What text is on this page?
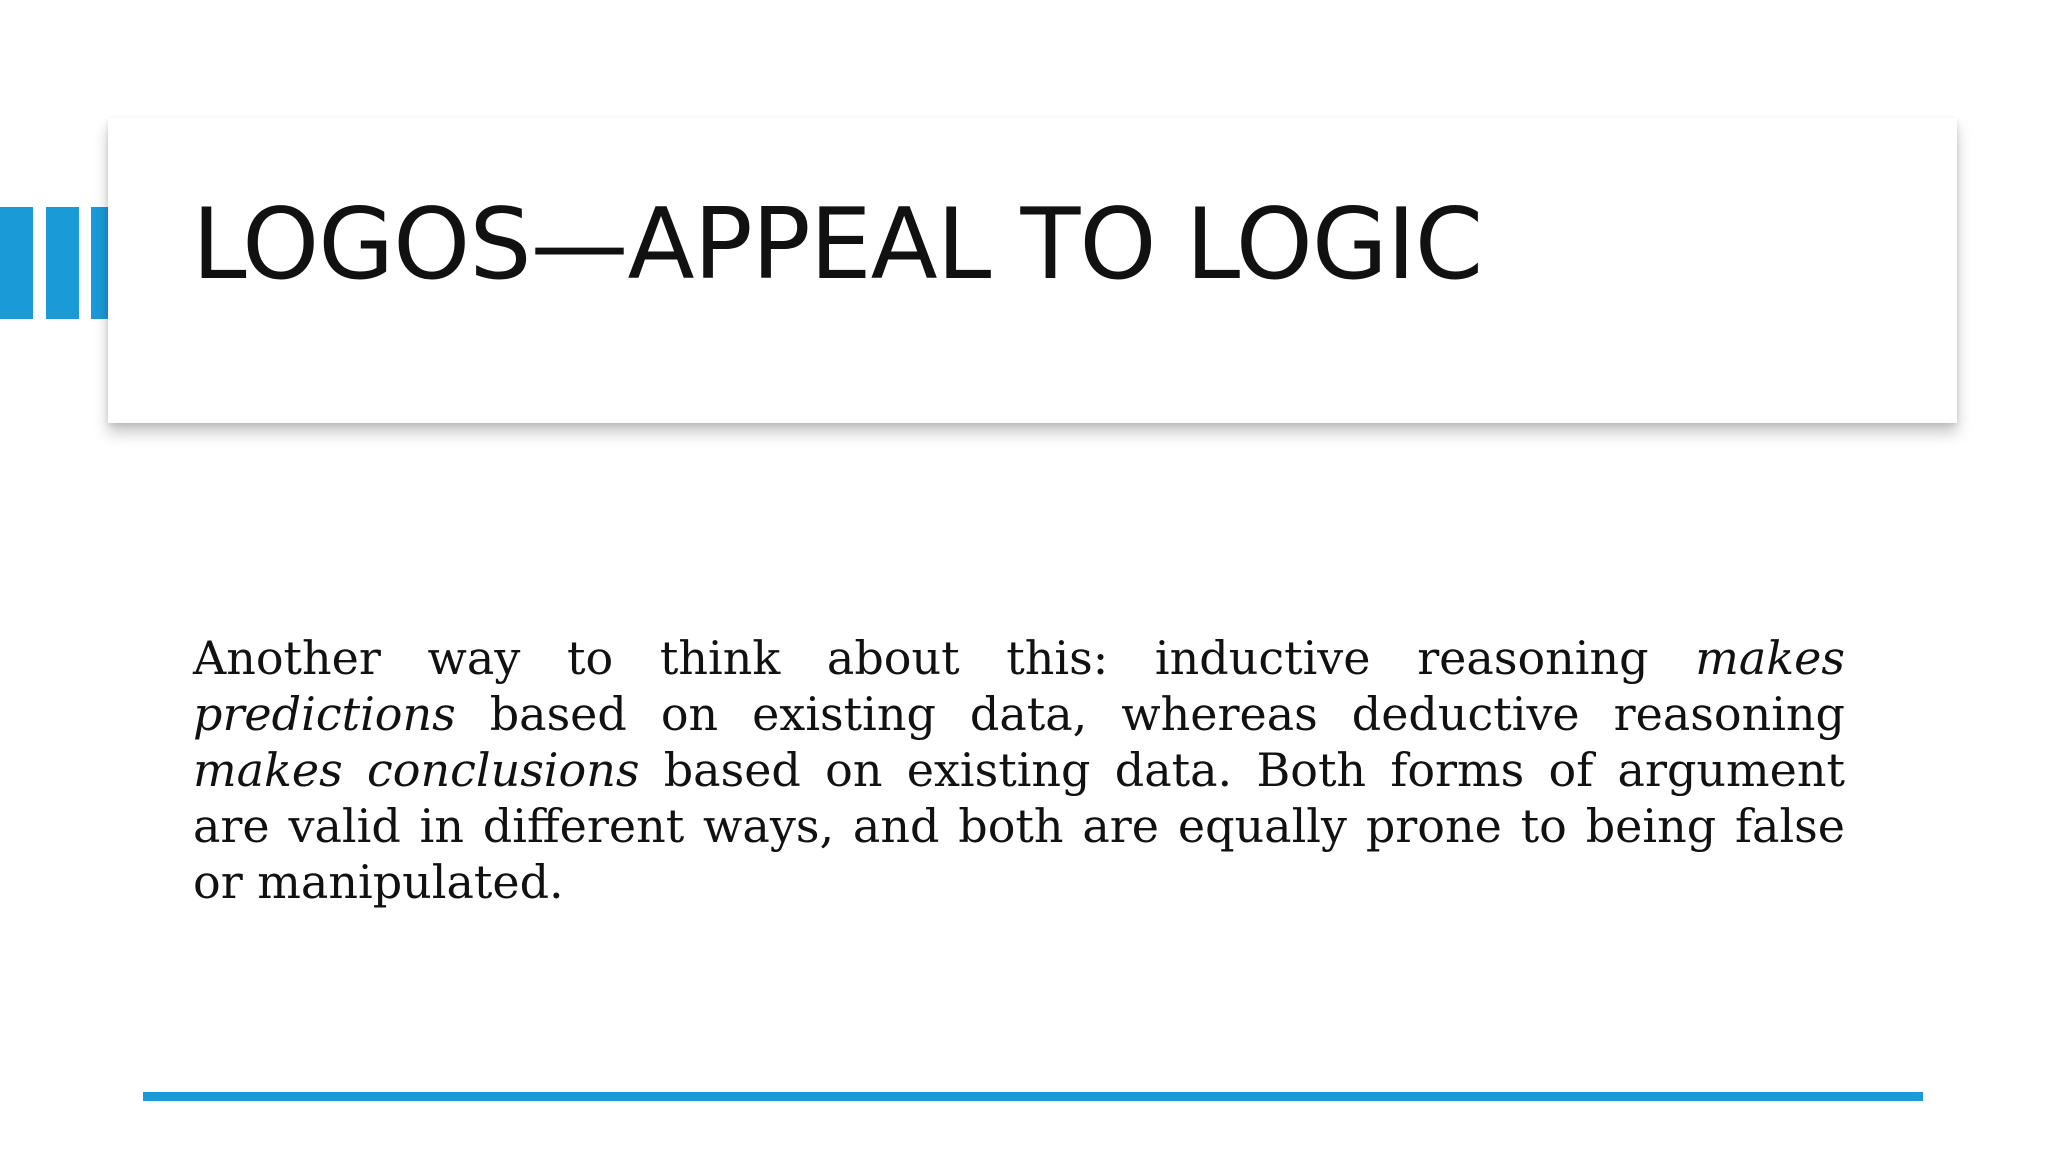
LOGOS—APPEAL TO LOGIC

Another way to think about this: inductive reasoning makes predictions based on existing data, whereas deductive reasoning makes conclusions based on existing data. Both forms of argument are valid in different ways, and both are equally prone to being false or manipulated.
